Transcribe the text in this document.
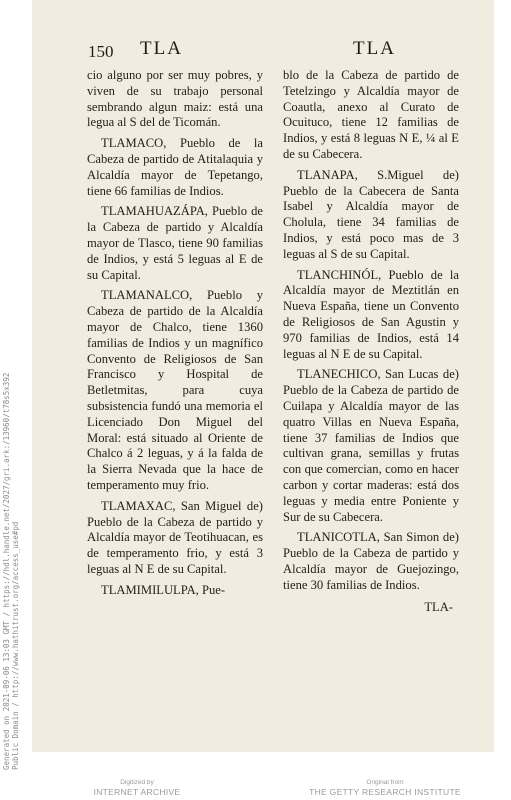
Generated on 2021-09-06 13:03 GMT / https://hdl.handle.net/2027/gri.ark:/13960/t78s5x392 Public Domain / http://www.hathitrust.org/access_use#pd
150 TLA	TLA

cio alguno por ser muy pobres, y viven de su trabajo personal sembrando algun maiz: está una legua al S del de Ticomán.

TLAMACO, Pueblo de la Cabeza de partido de Atitalaquia y Alcaldía mayor de Tepetango, tiene 66 familias de Indios.

TLAMAHUAZÁPA, Pueblo de la Cabeza de partido y Alcaldía mayor de Tlasco, tiene 90 familias de Indios, y está 5 leguas al E de su Capital.

TLAMANALCO, Pueblo y Cabeza de partido de la Alcaldía mayor de Chalco, tiene 1360 familias de Indios y un magnífico Convento de Religiosos de San Francisco y Hospital de Betletmitas, para cuya subsistencia fundó una memoria el Licenciado Don Miguel del Moral: está situado al Oriente de Chalco á 2 leguas, y á la falda de la Sierra Nevada que la hace de temperamento muy frio.

TLAMAXAC, San Miguel de) Pueblo de la Cabeza de partido y Alcaldía mayor de Teotihuacan, es de temperamento frio, y está 3 leguas al N E de su Capital.

TLAMIMILULPA, Pue-

blo de la Cabeza de partido de Tetelzingo y Alcaldía mayor de Coautla, anexo al Curato de Ocuituco, tiene 12 familias de Indios, y está 8 leguas N E, ¼ al E de su Cabecera.

TLANAPA, S.Miguel de) Pueblo de la Cabecera de Santa Isabel y Alcaldía mayor de Cholula, tiene 34 familias de Indios, y está poco mas de 3 leguas al S de su Capital.

TLANCHINÓL, Pueblo de la Alcaldía mayor de Meztitlán en Nueva España, tiene un Convento de Religiosos de San Agustin y 970 familias de Indios, está 14 leguas al N E de su Capital.

TLANECHICO, San Lucas de) Pueblo de la Cabeza de partido de Cuilapa y Alcaldía mayor de las quatro Villas en Nueva España, tiene 37 familias de Indios que cultivan grana, semillas y frutas con que comercian, como en hacer carbon y cortar maderas: está dos leguas y media entre Poniente y Sur de su Cabecera.

TLANICOTLA, San Simon de) Pueblo de la Cabeza de partido y Alcaldía mayor de Guejozingo, tiene 30 familias de Indios.

TLA-
Digitized by
INTERNET ARCHIVE
Original from
THE GETTY RESEARCH INSTITUTE
